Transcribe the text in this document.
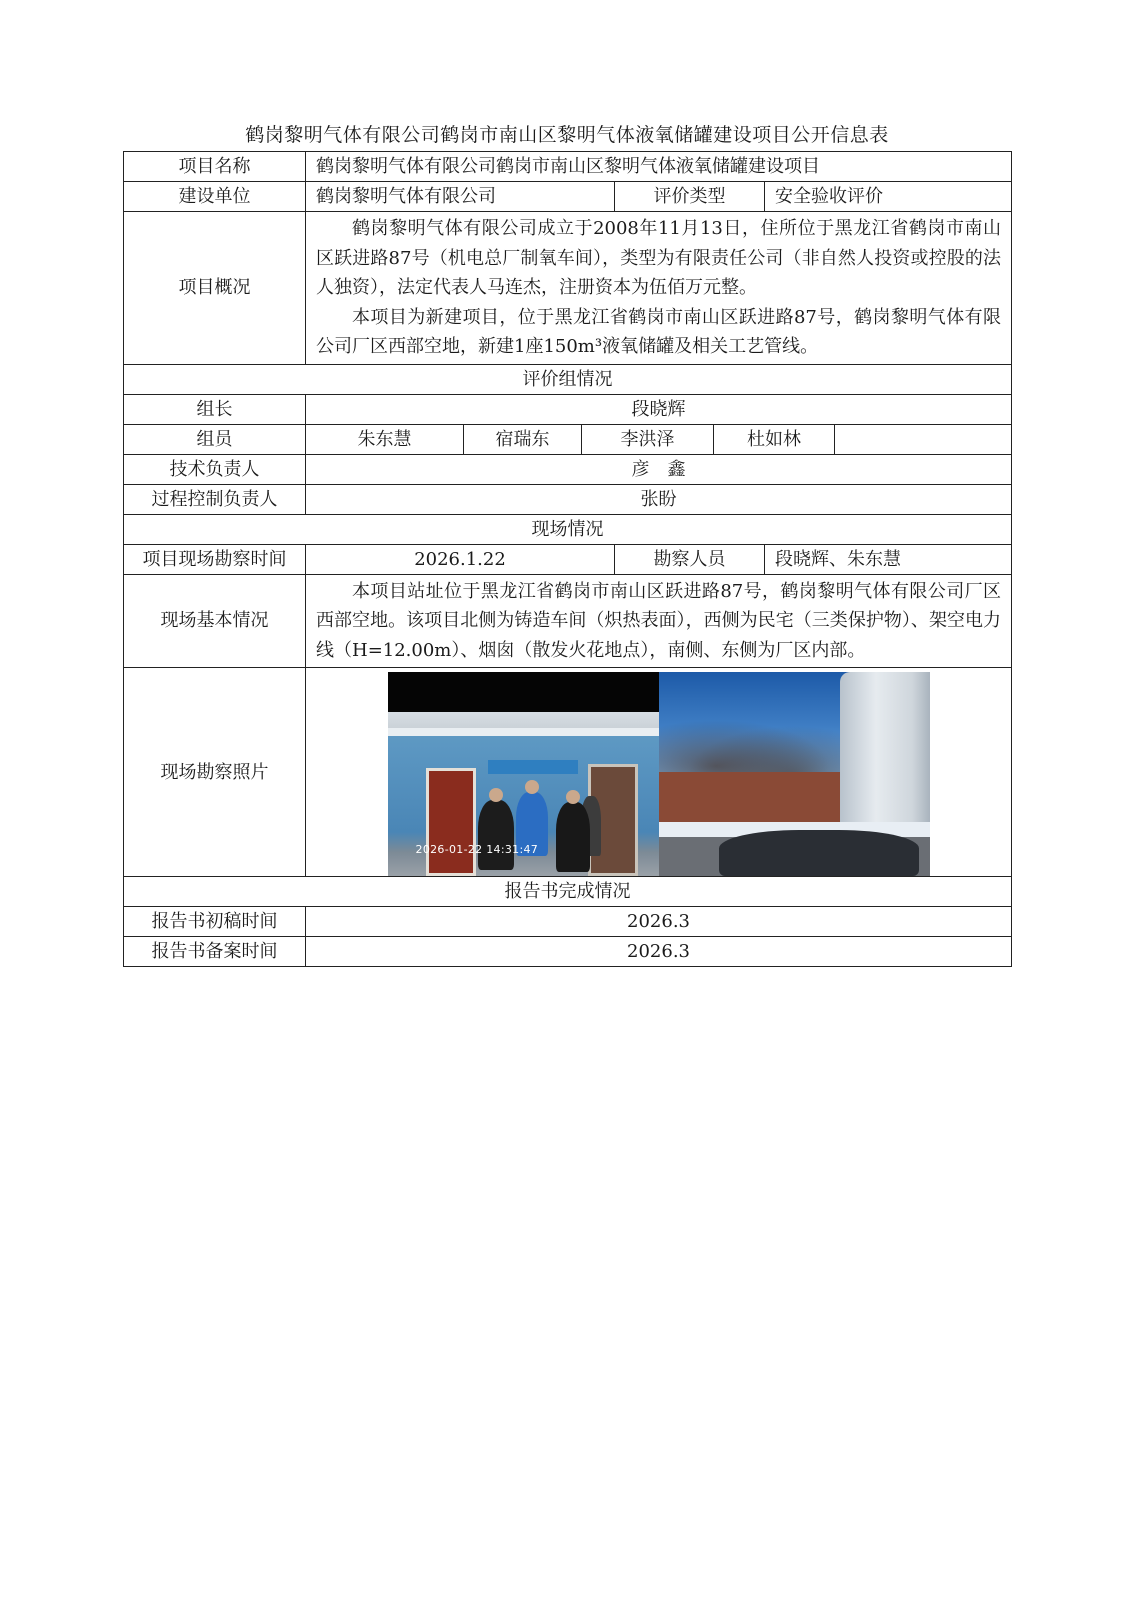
鹤岗黎明气体有限公司鹤岗市南山区黎明气体液氧储罐建设项目公开信息表
项目名称	鹤岗黎明气体有限公司鹤岗市南山区黎明气体液氧储罐建设项目						
建设单位	鹤岗黎明气体有限公司			评价类型		安全验收评价	
项目概况	鹤岗黎明气体有限公司成立于2008年11月13日，住所位于黑龙江省鹤岗市南山区跃进路87号（机电总厂制氧车间），类型为有限责任公司（非自然人投资或控股的法人独资），法定代表人马连杰，注册资本为伍佰万元整。

本项目为新建项目，位于黑龙江省鹤岗市南山区跃进路87号，鹤岗黎明气体有限公司厂区西部空地，新建1座150m³液氧储罐及相关工艺管线。						

评价组情况							
组长	段晓辉						
组员	朱东慧	宿瑞东	李洪泽		杜如林		
技术负责人	彦　鑫						
过程控制负责人	张盼						
现场情况							
项目现场勘察时间	2026.1.22			勘察人员		段晓辉、朱东慧	
现场基本情况	本项目站址位于黑龙江省鹤岗市南山区跃进路87号，鹤岗黎明气体有限公司厂区西部空地。该项目北侧为铸造车间（炽热表面），西侧为民宅（三类保护物）、架空电力线（H=12.00m）、烟囱（散发火花地点），南侧、东侧为厂区内部。						

现场勘察照片	2026-01-22 14:31:47						

报告书完成情况							
报告书初稿时间	2026.3						
报告书备案时间	2026.3						
